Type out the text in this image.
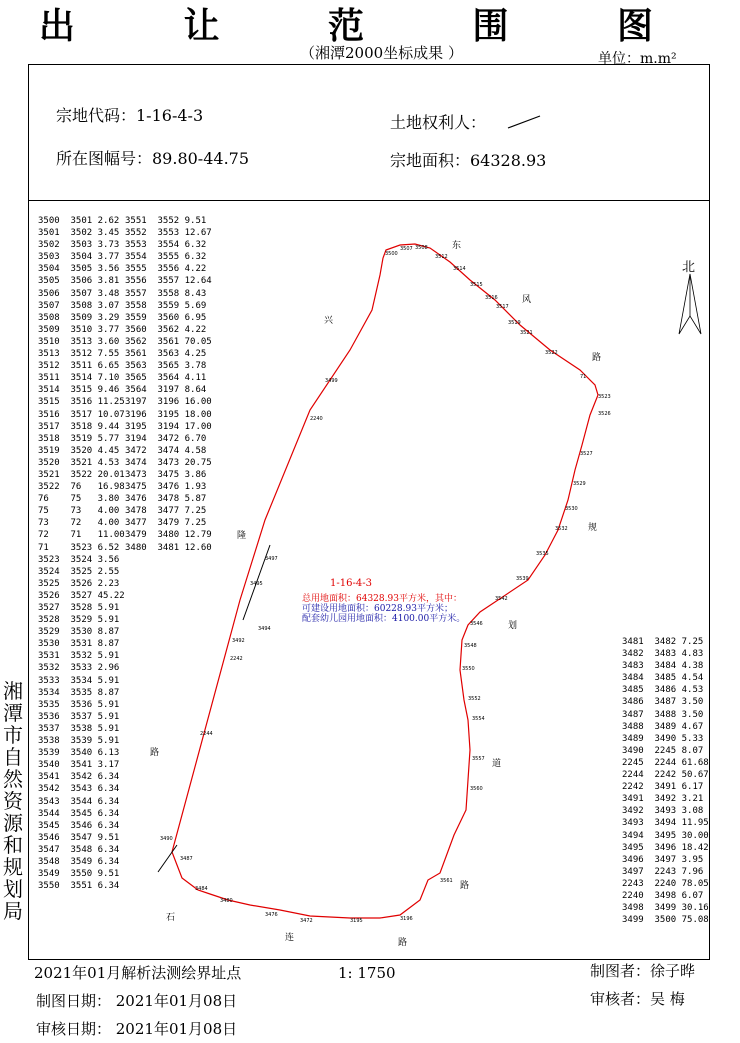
出 让 范 围 图
（湘潭2000坐标成果 ）	单位：m.m²
宗地代码：1-16-4-3
所在图幅号：89.80-44.75
土地权利人：
宗地面积：64328.93
3500  3501 2.62
3501  3502 3.45
3502  3503 3.73
3503  3504 3.77
3504  3505 3.56
3505  3506 3.81
3506  3507 3.48
3507  3508 3.07
3508  3509 3.29
3509  3510 3.77
3510  3513 3.60
3513  3512 7.55
3512  3511 6.65
3511  3514 7.10
3514  3515 9.46
3515  3516 11.25
3516  3517 10.07
3517  3518 9.44
3518  3519 5.77
3519  3520 4.45
3520  3521 4.53
3521  3522 20.01
3522  76   16.98
76    75   3.80
75    73   4.00
73    72   4.00
72    71   11.00
71    3523 6.52
3523  3524 3.56
3524  3525 2.55
3525  3526 2.23
3526  3527 45.22
3527  3528 5.91
3528  3529 5.91
3529  3530 8.87
3530  3531 8.87
3531  3532 5.91
3532  3533 2.96
3533  3534 5.91
3534  3535 8.87
3535  3536 5.91
3536  3537 5.91
3537  3538 5.91
3538  3539 5.91
3539  3540 6.13
3540  3541 3.17
3541  3542 6.34
3542  3543 6.34
3543  3544 6.34
3544  3545 6.34
3545  3546 6.34
3546  3547 9.51
3547  3548 6.34
3548  3549 6.34
3549  3550 9.51
3550  3551 6.34
3551  3552 9.51
3552  3553 12.67
3553  3554 6.32
3554  3555 6.32
3555  3556 4.22
3556  3557 12.64
3557  3558 8.43
3558  3559 5.69
3559  3560 6.95
3560  3562 4.22
3562  3561 70.05
3561  3563 4.25
3563  3565 3.78
3565  3564 4.11
3564  3197 8.64
3197  3196 16.00
3196  3195 18.00
3195  3194 17.00
3194  3472 6.70
3472  3474 4.58
3474  3473 20.75
3473  3475 3.86
3475  3476 1.93
3476  3478 5.87
3478  3477 7.25
3477  3479 7.25
3479  3480 12.79
3480  3481 12.60
3481  3482 7.25
3482  3483 4.83
3483  3484 4.38
3484  3485 4.54
3485  3486 4.53
3486  3487 3.50
3487  3488 3.50
3488  3489 4.67
3489  3490 5.33
3490  2245 8.07
2245  2244 61.68
2244  2242 50.67
2242  3491 6.17
3491  3492 3.21
3492  3493 3.08
3493  3494 11.95
3494  3495 30.00
3495  3496 18.42
3496  3497 3.95
3497  2243 7.96
2243  2240 78.05
2240  3498 6.07
3498  3499 30.16
3499  3500 75.08
3500
3507 3508
3512
3514
3515
3516
3517
3519
3521
3522
71
3523
3526
3527
3529
3530
3532
3535
3539
3542
3546
3548
3550
3552
3554
3557
3560
3561
3196
3195
3472
3476
3480
3484
3487
3490
2244
2242
3492
3494
3495
3497
2240
3499
1-16-4-3
总用地面积：64328.93平方米，其中：
可建设用地面积：60228.93平方米；
配套幼儿园用地面积：4100.00平方米。
东
风
路
兴
隆
路
规
划
道
路
石
连	路
北
湘潭市自然资源和规划局
2021年01月解析法测绘界址点	1: 1750	制图者：徐子晔
审核者：吴 梅
制图日期： 2021年01月08日
审核日期： 2021年01月08日
